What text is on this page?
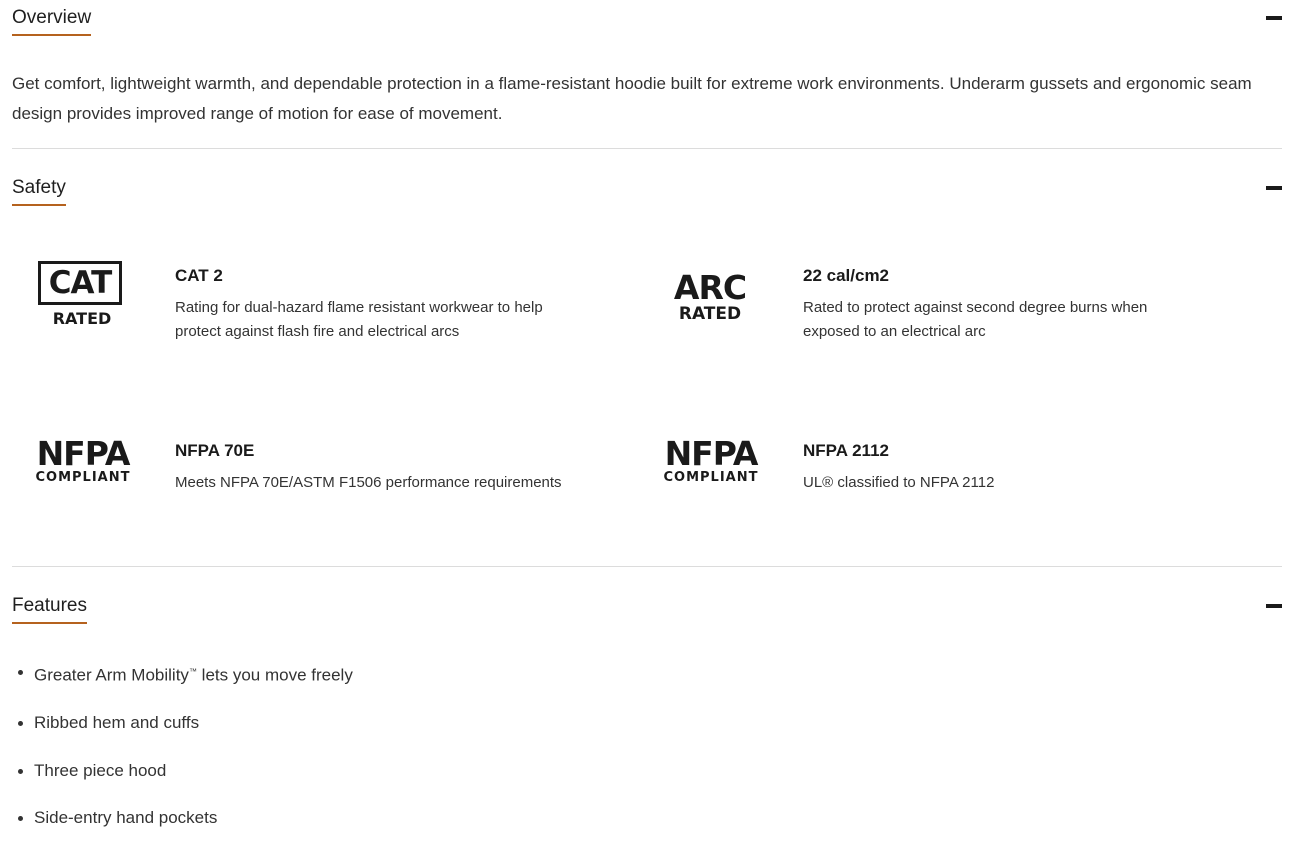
Overview

Get comfort, lightweight warmth, and dependable protection in a flame-resistant hoodie built for extreme work environments. Underarm gussets and ergonomic seam design provides improved range of motion for ease of movement.

Safety
CAT
RATED
CAT 2
Rating for dual-hazard flame resistant workwear to help protect against flash fire and electrical arcs
ARC
RATED
22 cal/cm2
Rated to protect against second degree burns when exposed to an electrical arc
NFPA
COMPLIANT
NFPA 70E
Meets NFPA 70E/ASTM F1506 performance requirements
NFPA
COMPLIANT
NFPA 2112
UL® classified to NFPA 2112
Features
Greater Arm Mobility™ lets you move freely
Ribbed hem and cuffs
Three piece hood
Side-entry hand pockets
